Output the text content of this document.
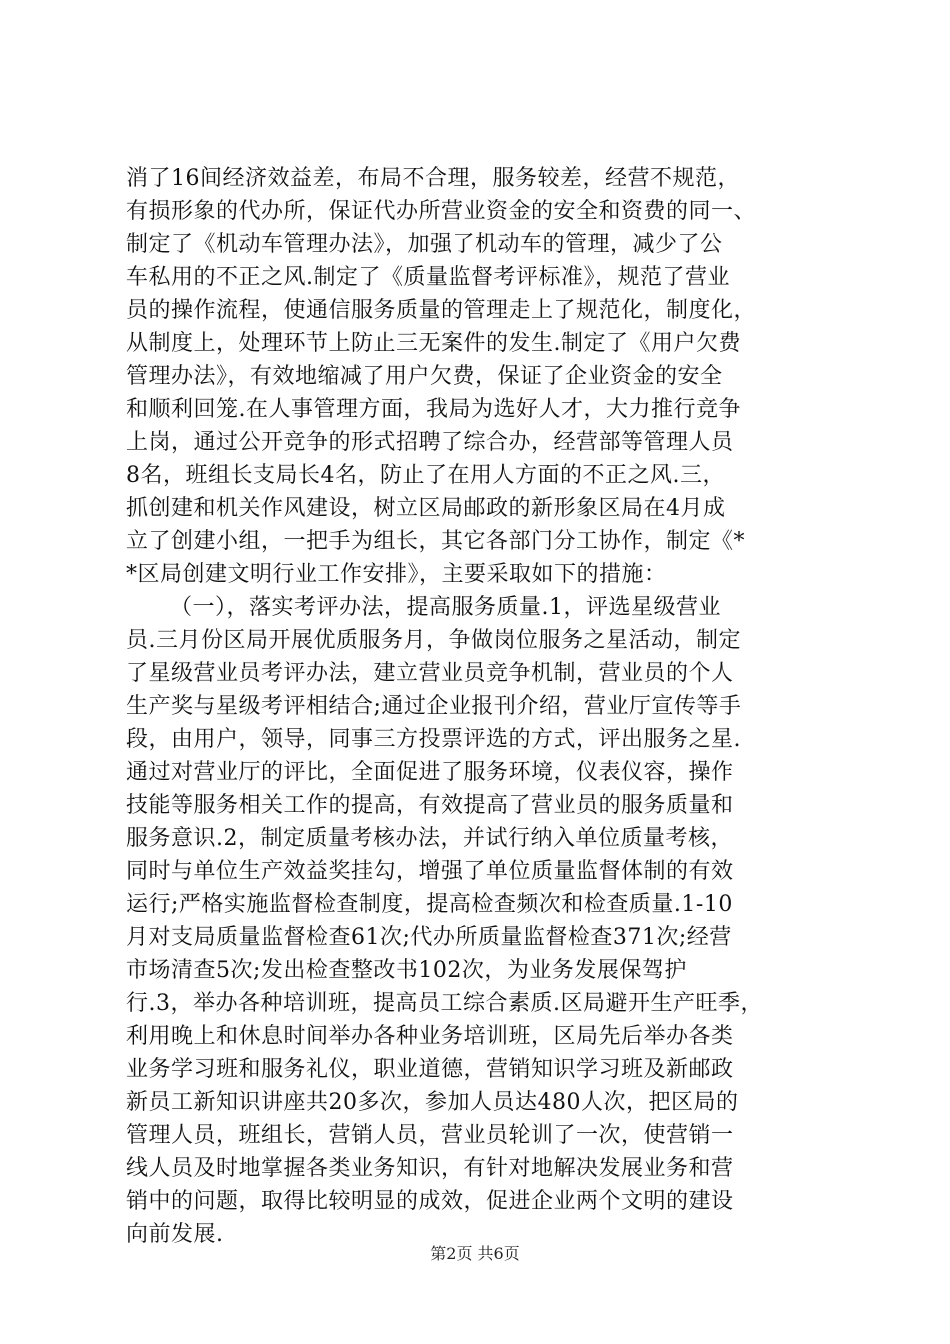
消了16间经济效益差，布局不合理，服务较差，经营不规范，
有损形象的代办所，保证代办所营业资金的安全和资费的同一、
制定了《机动车管理办法》，加强了机动车的管理，减少了公
车私用的不正之风.制定了《质量监督考评标准》，规范了营业
员的操作流程，使通信服务质量的管理走上了规范化，制度化，
从制度上，处理环节上防止三无案件的发生.制定了《用户欠费
管理办法》，有效地缩减了用户欠费，保证了企业资金的安全
和顺利回笼.在人事管理方面，我局为选好人才，大力推行竞争
上岗，通过公开竞争的形式招聘了综合办，经营部等管理人员
8名，班组长支局长4名，防止了在用人方面的不正之风.三，
抓创建和机关作风建设，树立区局邮政的新形象区局在4月成
立了创建小组，一把手为组长，其它各部门分工协作，制定《*
*区局创建文明行业工作安排》，主要采取如下的措施：
（一），落实考评办法，提高服务质量.1，评选星级营业
员.三月份区局开展优质服务月，争做岗位服务之星活动，制定
了星级营业员考评办法，建立营业员竞争机制，营业员的个人
生产奖与星级考评相结合;通过企业报刊介绍，营业厅宣传等手
段，由用户，领导，同事三方投票评选的方式，评出服务之星.
通过对营业厅的评比，全面促进了服务环境，仪表仪容，操作
技能等服务相关工作的提高，有效提高了营业员的服务质量和
服务意识.2，制定质量考核办法，并试行纳入单位质量考核，
同时与单位生产效益奖挂勾，增强了单位质量监督体制的有效
运行;严格实施监督检查制度，提高检查频次和检查质量.1-10
月对支局质量监督检查61次;代办所质量监督检查371次;经营
市场清查5次;发出检查整改书102次，为业务发展保驾护
行.3，举办各种培训班，提高员工综合素质.区局避开生产旺季，
利用晚上和休息时间举办各种业务培训班，区局先后举办各类
业务学习班和服务礼仪，职业道德，营销知识学习班及新邮政
新员工新知识讲座共20多次，参加人员达480人次，把区局的
管理人员，班组长，营销人员，营业员轮训了一次，使营销一
线人员及时地掌握各类业务知识，有针对地解决发展业务和营
销中的问题，取得比较明显的成效，促进企业两个文明的建设
向前发展.
第2页 共6页
